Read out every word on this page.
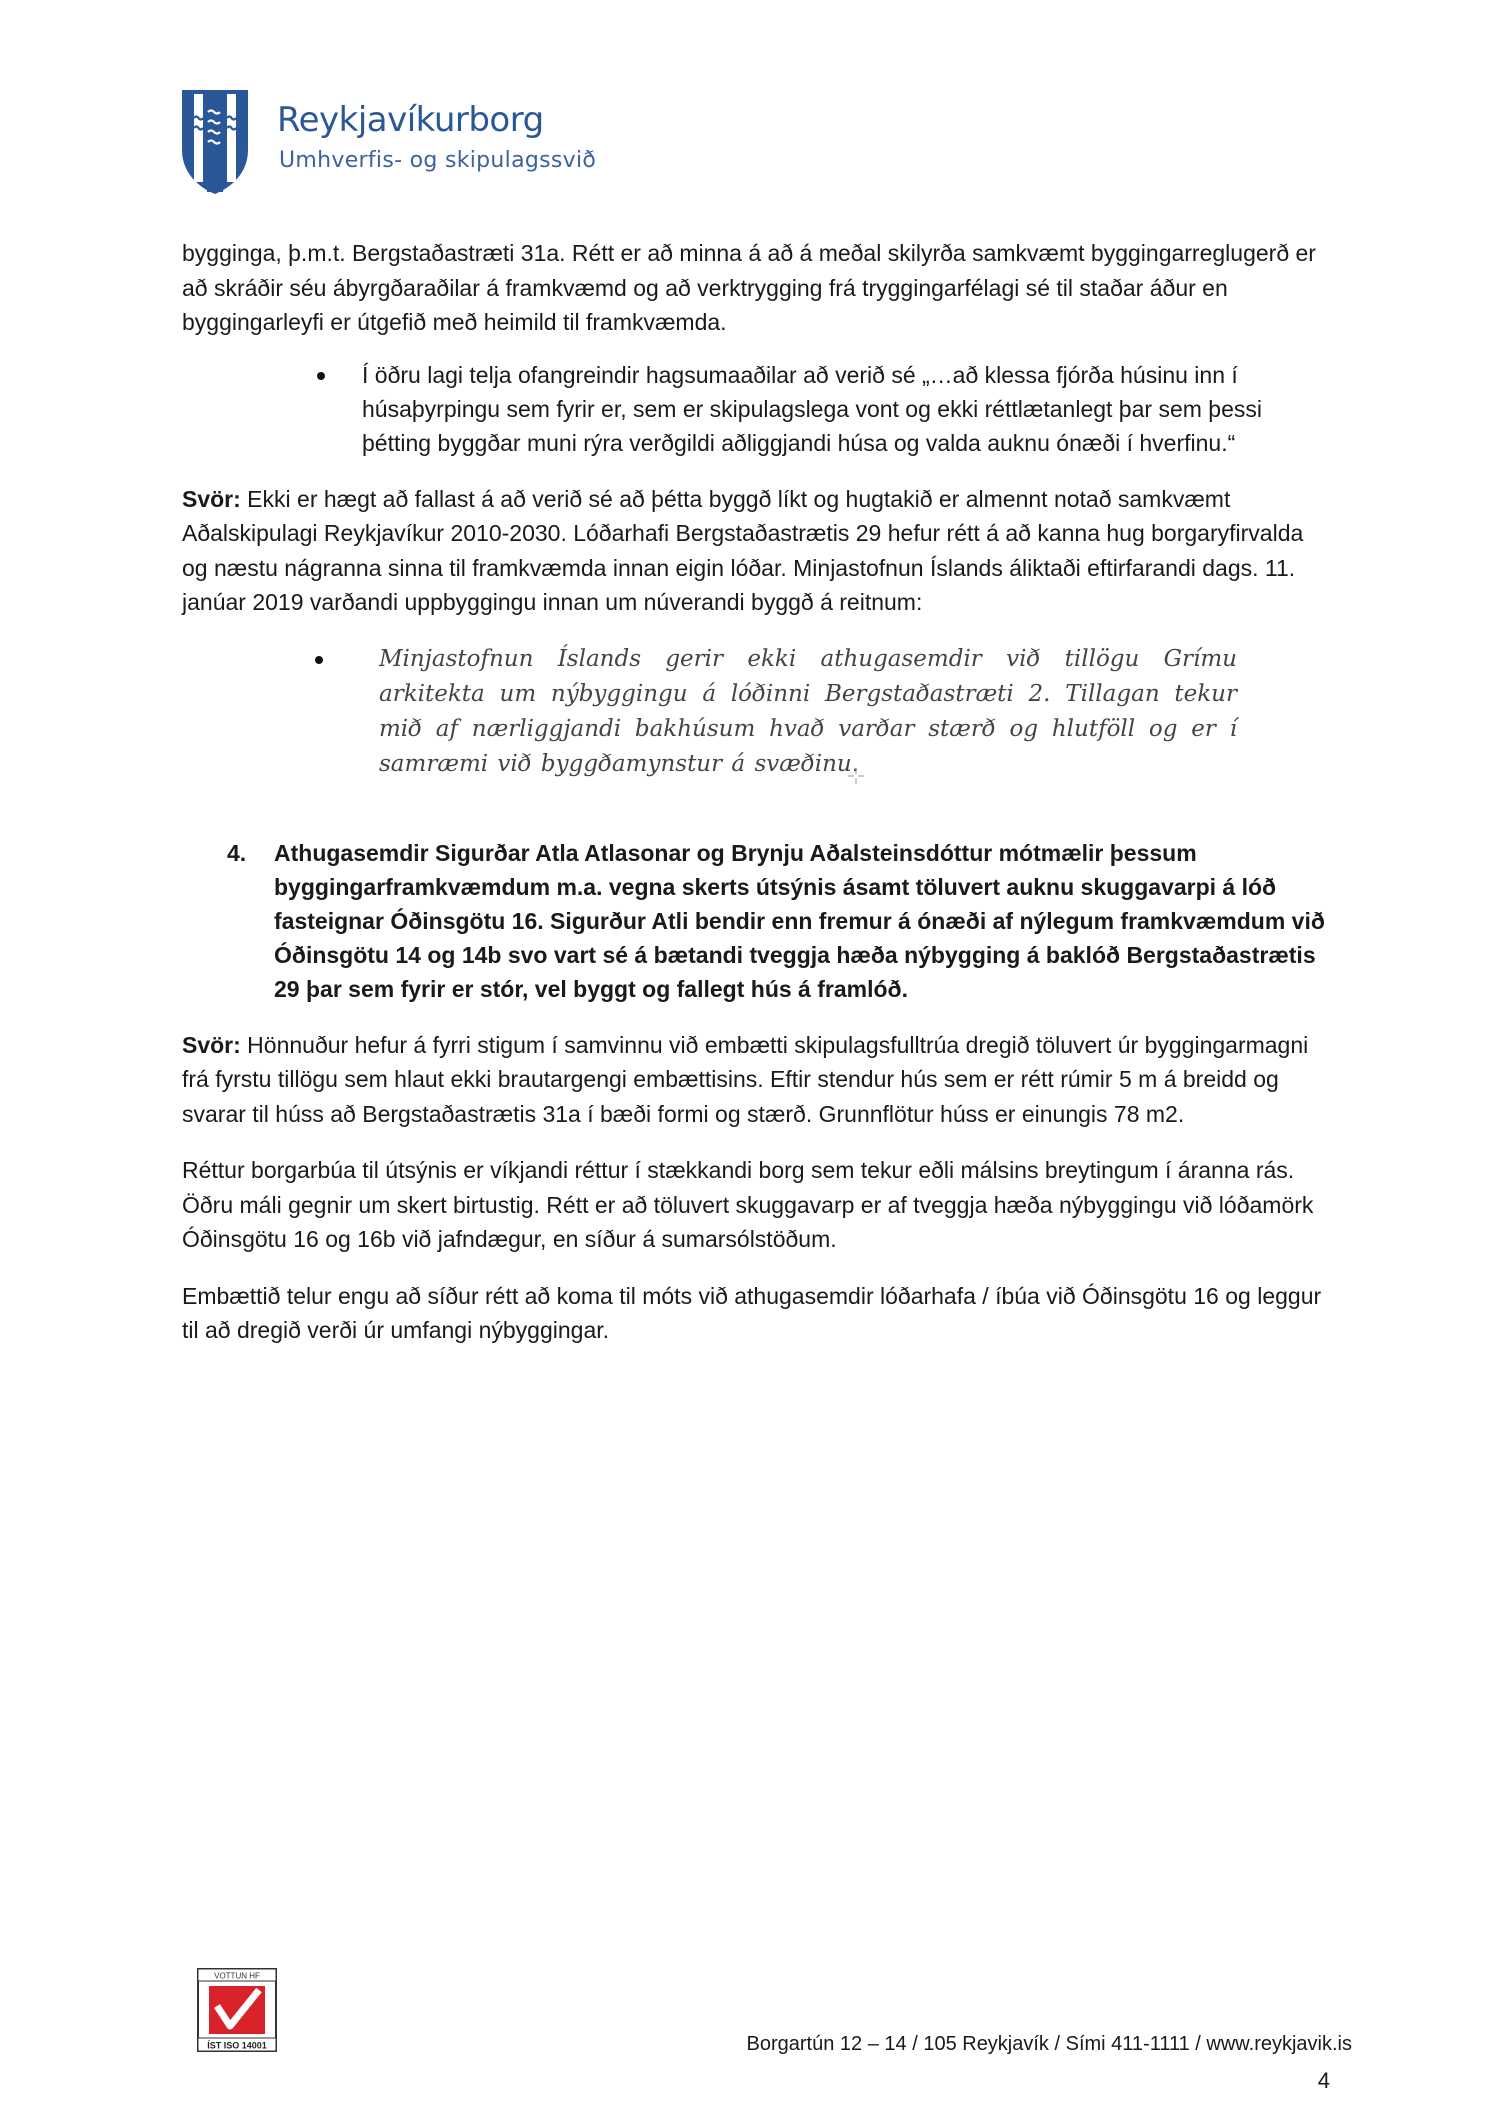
Reykjavíkurborg
Umhverfis- og skipulagssvið

bygginga, þ.m.t. Bergstaðastræti 31a. Rétt er að minna á að á meðal skilyrða samkvæmt byggingarreglugerð er að skráðir séu ábyrgðaraðilar á framkvæmd og að verktrygging frá tryggingarfélagi sé til staðar áður en byggingarleyfi er útgefið með heimild til framkvæmda.

Í öðru lagi telja ofangreindir hagsumaaðilar að verið sé „…að klessa fjórða húsinu inn í húsaþyrpingu sem fyrir er, sem er skipulagslega vont og ekki réttlætanlegt þar sem þessi þétting byggðar muni rýra verðgildi aðliggjandi húsa og valda auknu ónæði í hverfinu.“

Svör: Ekki er hægt að fallast á að verið sé að þétta byggð líkt og hugtakið er almennt notað samkvæmt Aðalskipulagi Reykjavíkur 2010-2030. Lóðarhafi Bergstaðastrætis 29 hefur rétt á að kanna hug borgaryfirvalda og næstu nágranna sinna til framkvæmda innan eigin lóðar. Minjastofnun Íslands áliktaði eftirfarandi dags. 11. janúar 2019 varðandi uppbyggingu innan um núverandi byggð á reitnum:

Minjastofnun Íslands gerir ekki athugasemdir við tillögu Grímu arkitekta um nýbyggingu á lóðinni Bergstaðastræti 2. Tillagan tekur mið af nærliggjandi bakhúsum hvað varðar stærð og hlutföll og er í samræmi við byggðamynstur á svæðinu.

4. Athugasemdir Sigurðar Atla Atlasonar og Brynju Aðalsteinsdóttur mótmælir þessum byggingarframkvæmdum m.a. vegna skerts útsýnis ásamt töluvert auknu skuggavarpi á lóð fasteignar Óðinsgötu 16. Sigurður Atli bendir enn fremur á ónæði af nýlegum framkvæmdum við Óðinsgötu 14 og 14b svo vart sé á bætandi tveggja hæða nýbygging á baklóð Bergstaðastrætis 29 þar sem fyrir er stór, vel byggt og fallegt hús á framlóð.

Svör: Hönnuður hefur á fyrri stigum í samvinnu við embætti skipulagsfulltrúa dregið töluvert úr byggingarmagni frá fyrstu tillögu sem hlaut ekki brautargengi embættisins. Eftir stendur hús sem er rétt rúmir 5 m á breidd og svarar til húss að Bergstaðastrætis 31a í bæði formi og stærð. Grunnflötur húss er einungis 78 m2.

Réttur borgarbúa til útsýnis er víkjandi réttur í stækkandi borg sem tekur eðli málsins breytingum í áranna rás. Öðru máli gegnir um skert birtustig. Rétt er að töluvert skuggavarp er af tveggja hæða nýbyggingu við lóðamörk Óðinsgötu 16 og 16b við jafndægur, en síður á sumarsólstöðum.

Embættið telur engu að síður rétt að koma til móts við athugasemdir lóðarhafa / íbúa við Óðinsgötu 16 og leggur til að dregið verði úr umfangi nýbyggingar.

VOTTUN HF
ÍST ISO 14001	Borgartún 12 – 14 / 105 Reykjavík / Sími 411-1111 / www.reykjavik.is
4
